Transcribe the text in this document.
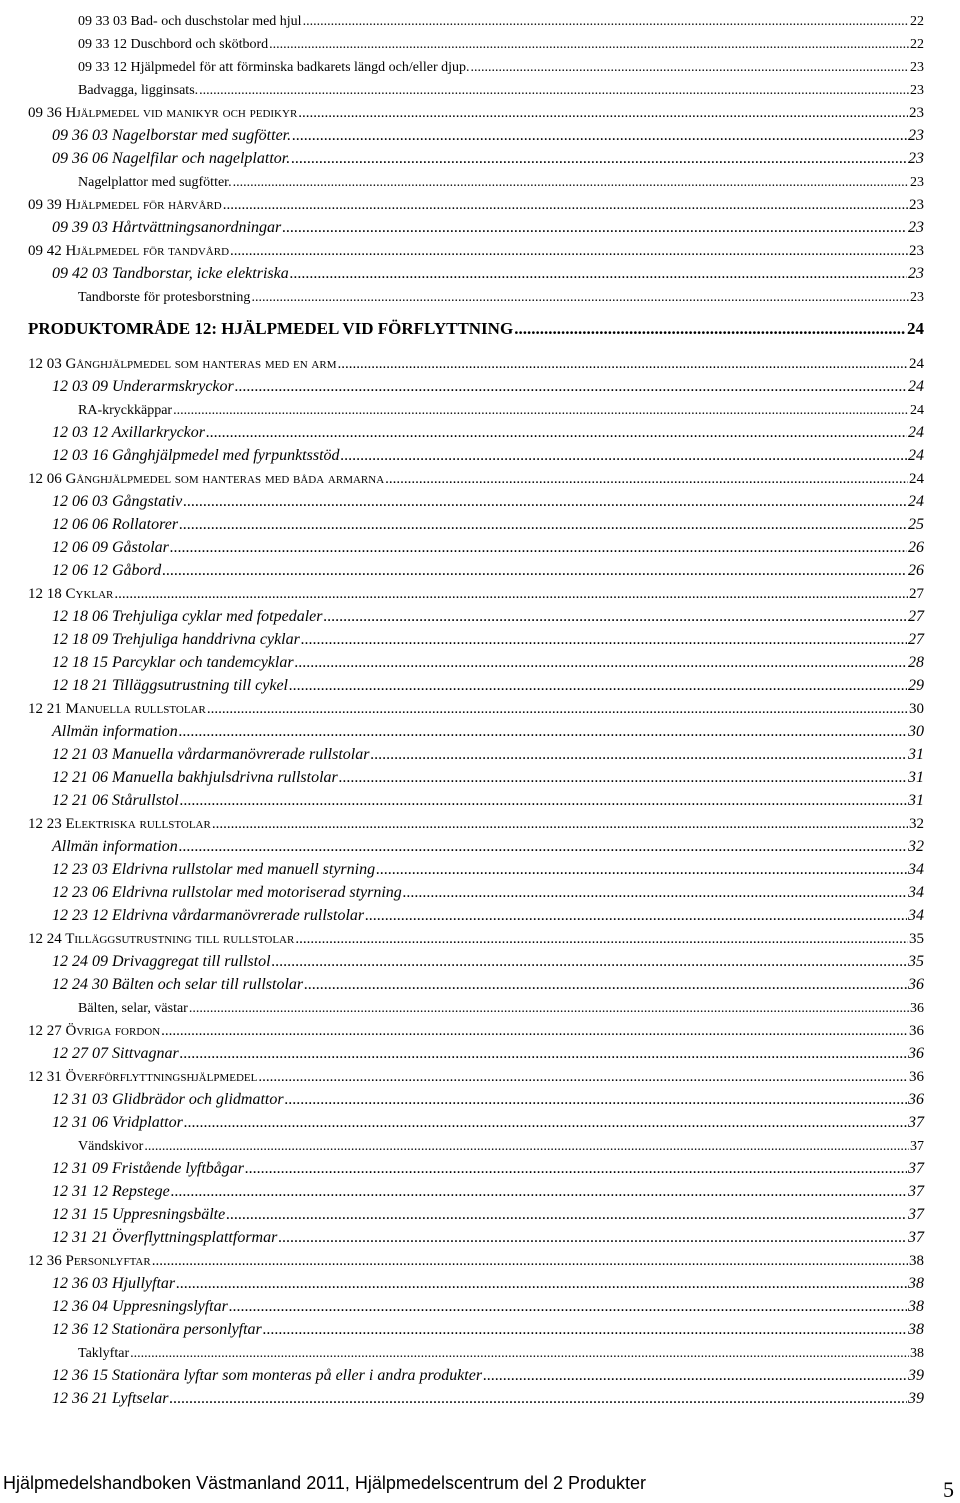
09 33 03 Bad- och duschstolar med hjul .....	22
09 33 12 Duschbord och skötbord .....	22
09 33 12 Hjälpmedel för att förminska badkarets längd och/eller djup. .....	23
Badvagga, ligginsats. .....	23
09 36 Hjälpmedel vid manikyr och pedikyr .....	23
09 36 03 Nagelborstar med sugfötter. .....	23
09 36 06 Nagelfilar och nagelplattor. .....	23
Nagelplattor med sugfötter. .....	23
09 39 Hjälpmedel för hårvård .....	23
09 39 03 Hårtvättningsanordningar .....	23
09 42 Hjälpmedel för tandvård .....	23
09 42 03 Tandborstar, icke elektriska .....	23
Tandborste för protesborstning .....	23
PRODUKTOMRÅDE 12: HJÄLPMEDEL VID FÖRFLYTTNING .....	24
12 03 Gånghjälpmedel som hanteras med en arm .....	24
12 03 09 Underarmskryckor .....	24
RA-kryckkäppar .....	24
12 03 12 Axillarkryckor .....	24
12 03 16 Gånghjälpmedel med fyrpunktsstöd .....	24
12 06 Gånghjälpmedel som hanteras med båda armarna .....	24
12 06 03 Gångstativ .....	24
12 06 06 Rollatorer .....	25
12 06 09 Gåstolar .....	26
12 06 12 Gåbord .....	26
12 18 Cyklar .....	27
12 18 06 Trehjuliga cyklar med fotpedaler .....	27
12 18 09 Trehjuliga handdrivna cyklar .....	27
12 18 15 Parcyklar och tandemcyklar .....	28
12 18 21 Tilläggsutrustning till cykel .....	29
12 21 Manuella rullstolar .....	30
Allmän information .....	30
12 21 03 Manuella vårdarmanövrerade rullstolar .....	31
12 21 06 Manuella bakhjulsdrivna rullstolar .....	31
12 21 06 Stårullstol .....	31
12 23 Elektriska rullstolar .....	32
Allmän information .....	32
12 23 03 Eldrivna rullstolar med manuell styrning .....	34
12 23 06 Eldrivna rullstolar med motoriserad styrning .....	34
12 23 12 Eldrivna vårdarmanövrerade rullstolar .....	34
12 24 Tilläggsutrustning till rullstolar .....	35
12 24 09 Drivaggregat till rullstol .....	35
12 24 30 Bälten och selar till rullstolar .....	36
Bälten, selar, västar .....	36
12 27 Övriga fordon .....	36
12 27 07 Sittvagnar .....	36
12 31 Överförflyttningshjälpmedel .....	36
12 31 03 Glidbrädor och glidmattor .....	36
12 31 06 Vridplattor .....	37
Vändskivor .....	37
12 31 09 Fristående lyftbågar .....	37
12 31 12 Repstege .....	37
12 31 15 Uppresningsbälte .....	37
12 31 21 Överflyttningsplattformar .....	37
12 36 Personlyftar .....	38
12 36 03 Hjullyftar .....	38
12 36 04 Uppresningslyftar .....	38
12 36 12 Stationära personlyftar .....	38
Taklyftar .....	38
12 36 15 Stationära lyftar som monteras på eller i andra produkter .....	39
12 36 21 Lyftselar .....	39
Hjälpmedelshandboken Västmanland 2011, Hjälpmedelscentrum del 2 Produkter	5
